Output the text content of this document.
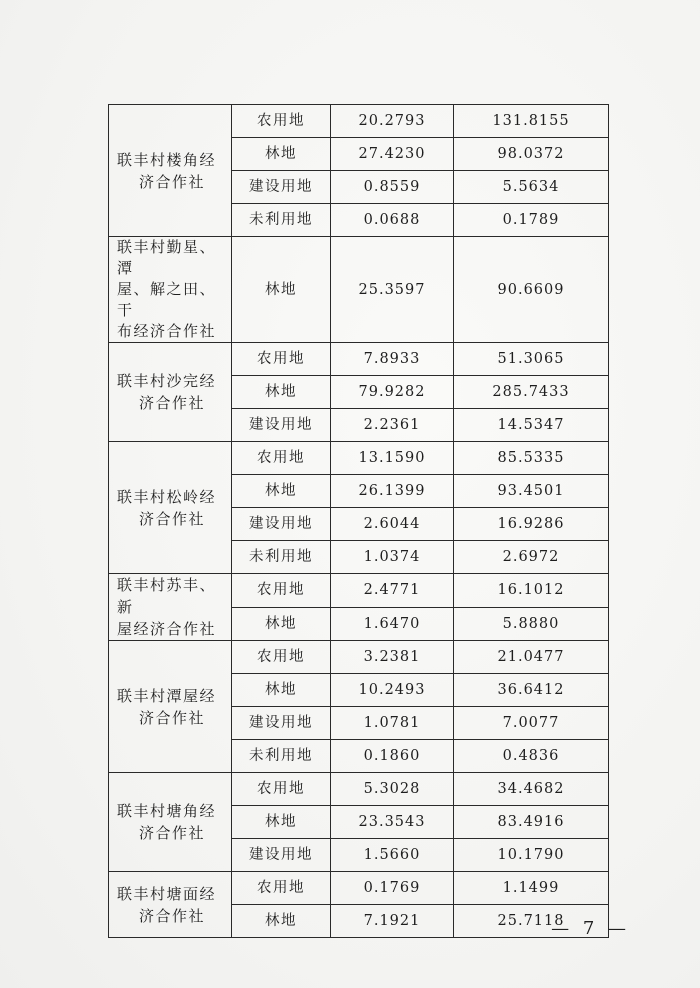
联丰村楼角经
济合作社	农用地	20.2793	131.8155
	林地	27.4230	98.0372
	建设用地	0.8559	5.5634
	未利用地	0.0688	0.1789

联丰村勤星、潭
屋、解之田、干
布经济合作社	林地	25.3597	90.6609
联丰村沙完经
济合作社	农用地	7.8933	51.3065
	林地	79.9282	285.7433
	建设用地	2.2361	14.5347
联丰村松岭经
济合作社	农用地	13.1590	85.5335
	林地	26.1399	93.4501
	建设用地	2.6044	16.9286
	未利用地	1.0374	2.6972

联丰村苏丰、新
屋经济合作社	农用地	2.4771	16.1012
	林地	1.6470	5.8880
联丰村潭屋经
济合作社	农用地	3.2381	21.0477
	林地	10.2493	36.6412
	建设用地	1.0781	7.0077
	未利用地	0.1860	0.4836
联丰村塘角经
济合作社	农用地	5.3028	34.4682
	林地	23.3543	83.4916
	建设用地	1.5660	10.1790
联丰村塘面经
济合作社	农用地	0.1769	1.1499
	林地	7.1921	25.7118
— 7 —
